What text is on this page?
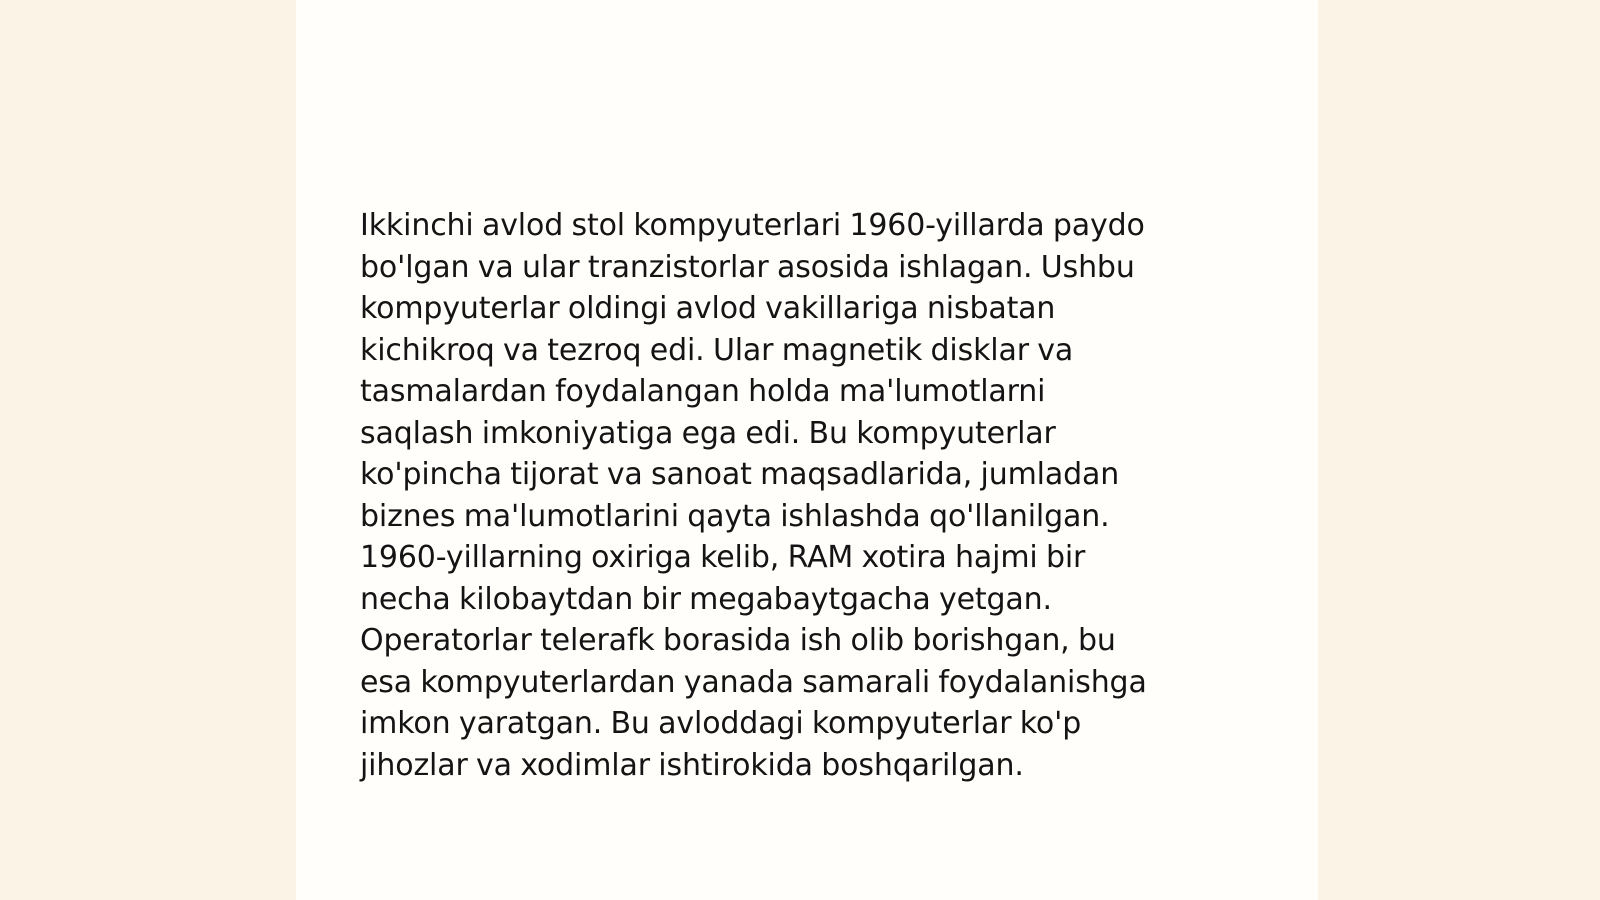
Ikkinchi avlod stol kompyuterlari 1960-yillarda paydo
bo'lgan va ular tranzistorlar asosida ishlagan. Ushbu
kompyuterlar oldingi avlod vakillariga nisbatan
kichikroq va tezroq edi. Ular magnetik disklar va
tasmalardan foydalangan holda ma'lumotlarni
saqlash imkoniyatiga ega edi. Bu kompyuterlar
ko'pincha tijorat va sanoat maqsadlarida, jumladan
biznes ma'lumotlarini qayta ishlashda qo'llanilgan.
1960-yillarning oxiriga kelib, RAM xotira hajmi bir
necha kilobaytdan bir megabaytgacha yetgan.
Operatorlar telerafk borasida ish olib borishgan, bu
esa kompyuterlardan yanada samarali foydalanishga
imkon yaratgan. Bu avloddagi kompyuterlar ko'p
jihozlar va xodimlar ishtirokida boshqarilgan.
